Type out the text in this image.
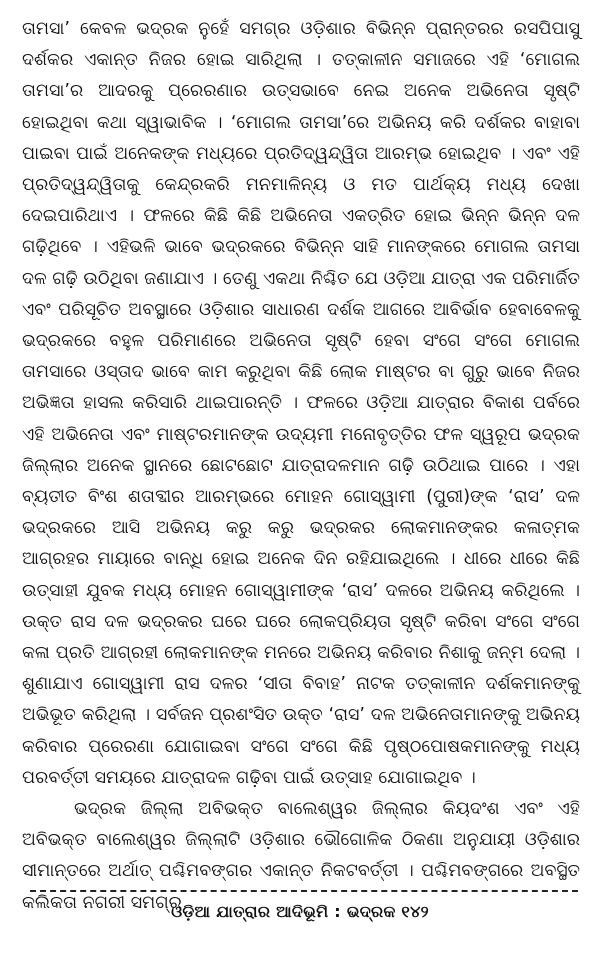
ତାମସା’ କେବଳ ଭଦ୍ରକ ନୁହେଁ ସମଗ୍ର ଓଡ଼ିଶାର ବିଭିନ୍ନ ପ୍ରାନ୍ତରର ରସପିପାସୁ ଦର୍ଶକର ଏକାନ୍ତ ନିଜର ହୋଇ ସାରିଥିଲା । ତତ୍କାଳୀନ ସମାଜରେ ଏହି ‘ମୋଗଲ ତାମସା’ର ଆଦରକୁ ପ୍ରେରଣାର ଉତ୍ସଭାବେ ନେଇ ଅନେକ ଅଭିନେତା ସୃଷ୍ଟି ହୋଇଥିବା କଥା ସ୍ୱାଭାବିକ । ‘ମୋଗଲ ତାମସା’ରେ ଅଭିନୟ କରି ଦର୍ଶକର ବାହାବା ପାଇବା ପାଇଁ ଅନେକଙ୍କ ମଧ୍ୟରେ ପ୍ରତିଦ୍ୱନ୍ଦ୍ୱିତା ଆରମ୍ଭ ହୋଇଥିବ । ଏବଂ ଏହି ପ୍ରତିଦ୍ୱନ୍ଦ୍ୱିତାକୁ କେନ୍ଦ୍ରକରି ମନମାଳିନ୍ୟ ଓ ମତ ପାର୍ଥକ୍ୟ ମଧ୍ୟ ଦେଖା ଦେଇପାରିଥାଏ । ଫଳରେ କିଛି କିଛି ଅଭିନେତା ଏକତ୍ରିତ ହୋଇ ଭିନ୍ନ ଭିନ୍ନ ଦଳ ଗଢ଼ିଥିବେ । ଏହିଭଳି ଭାବେ ଭଦ୍ରକରେ ବିଭିନ୍ନ ସାହି ମାନଙ୍କରେ ମୋଗଲ ତାମସା ଦଳ ଗଢ଼ି ଉଠିଥିବା ଜଣାଯାଏ । ତେଣୁ ଏକଥା ନିଶ୍ଚିତ ଯେ ଓଡ଼ିଆ ଯାତ୍ରା ଏକ ପରିମାର୍ଜିତ ଏବଂ ପରିସୂଚିତ ଅବସ୍ଥାରେ ଓଡ଼ିଶାର ସାଧାରଣ ଦର୍ଶକ ଆଗରେ ଆବିର୍ଭାବ ହେବାବେଳକୁ ଭଦ୍ରକରେ ବହୁଳ ପରିମାଣରେ ଅଭିନେତା ସୃଷ୍ଟି ହେବା ସଂଗେ ସଂଗେ ମୋଗଲ ତାମସାରେ ଓସ୍ତାଦ ଭାବେ କାମ କରୁଥିବା କିଛି ଲୋକ ମାଷ୍ଟର ବା ଗୁରୁ ଭାବେ ନିଜର ଅଭିଜ୍ଞତା ହାସଲ କରିସାରି ଥାଇପାରନ୍ତି । ଫଳରେ ଓଡ଼ିଆ ଯାତ୍ରାର ବିକାଶ ପର୍ବରେ ଏହି ଅଭିନେତା ଏବଂ ମାଷ୍ଟରମାନଙ୍କ ଉଦ୍ୟମୀ ମନୋବୃତ୍ତିର ଫଳ ସ୍ୱରୂପ ଭଦ୍ରକ ଜିଲ୍ଲାର ଅନେକ ସ୍ଥାନରେ ଛୋଟଛୋଟ ଯାତ୍ରାଦଳମାନ ଗଢ଼ି ଉଠିଥାଇ ପାରେ । ଏହା ବ୍ୟତୀତ ବିଂଶ ଶତାବ୍ଦୀର ଆରମ୍ଭରେ ମୋହନ ଗୋସ୍ୱାମୀ (ପୁରୀ)ଙ୍କ ‘ରାସ’ ଦଳ ଭଦ୍ରକରେ ଆସି ଅଭିନୟ କରୁ କରୁ ଭଦ୍ରକର ଲୋକମାନଙ୍କର କଳାତ୍ମକ ଆଗ୍ରହର ମାୟାରେ ବାନ୍ଧି ହୋଇ ଅନେକ ଦିନ ରହିଯାଇଥିଲେ । ଧୀରେ ଧୀରେ କିଛି ଉତ୍ସାହୀ ଯୁବକ ମଧ୍ୟ ମୋହନ ଗୋସ୍ୱାମୀଙ୍କ ‘ରାସ’ ଦଳରେ ଅଭିନୟ କରିଥିଲେ । ଉକ୍ତ ରାସ ଦଳ ଭଦ୍ରକର ଘରେ ଘରେ ଲୋକପ୍ରିୟତା ସୃଷ୍ଟି କରିବା ସଂଗେ ସଂଗେ କଳା ପ୍ରତି ଆଗ୍ରହୀ ଲୋକମାନଙ୍କ ମନରେ ଅଭିନୟ କରିବାର ନିଶାକୁ ଜନ୍ମ ଦେଲା । ଶୁଣାଯାଏ ଗୋସ୍ୱାମୀ ରାସ ଦଳର ‘ସୀତା ବିବାହ’ ନାଟକ ତତ୍କାଳୀନ ଦର୍ଶକମାନଙ୍କୁ ଅଭିଭୂତ କରିଥିଲା । ସର୍ବଜନ ପ୍ରଶଂସିତ ଉକ୍ତ ‘ରାସ’ ଦଳ ଅଭିନେତାମାନଙ୍କୁ ଅଭିନୟ କରିବାର ପ୍ରେରଣା ଯୋଗାଇବା ସଂଗେ ସଂଗେ କିଛି ପୃଷ୍ଠପୋଷକମାନଙ୍କୁ ମଧ୍ୟ ପରବର୍ତ୍ତୀ ସମୟରେ ଯାତ୍ରାଦଳ ଗଢ଼ିବା ପାଇଁ ଉତ୍ସାହ ଯୋଗାଇଥିବ ।

ଭଦ୍ରକ ଜିଲ୍ଲା ଅବିଭକ୍ତ ବାଲେଶ୍ୱର ଜିଲ୍ଲାର କିୟଦଂଶ ଏବଂ ଏହି ଅବିଭକ୍ତ ବାଲେଶ୍ୱର ଜିଲ୍ଲାଟି ଓଡ଼ିଶାର ଭୌଗୋଳିକ ଠିକଣା ଅନୁଯାୟୀ ଓଡ଼ିଶାର ସୀମାନ୍ତରେ ଅର୍ଥାତ୍ ପଶ୍ଚିମବଙ୍ଗର ଏକାନ୍ତ ନିକଟବର୍ତ୍ତୀ । ପଶ୍ଚିମବଙ୍ଗରେ ଅବସ୍ଥିତ କଲିକତା ନଗରୀ ସମଗ୍ର

ଓଡ଼ିଆ ଯାତ୍ରାର ଆଦିଭୂମି : ଭଦ୍ରକ ୧୪୨
